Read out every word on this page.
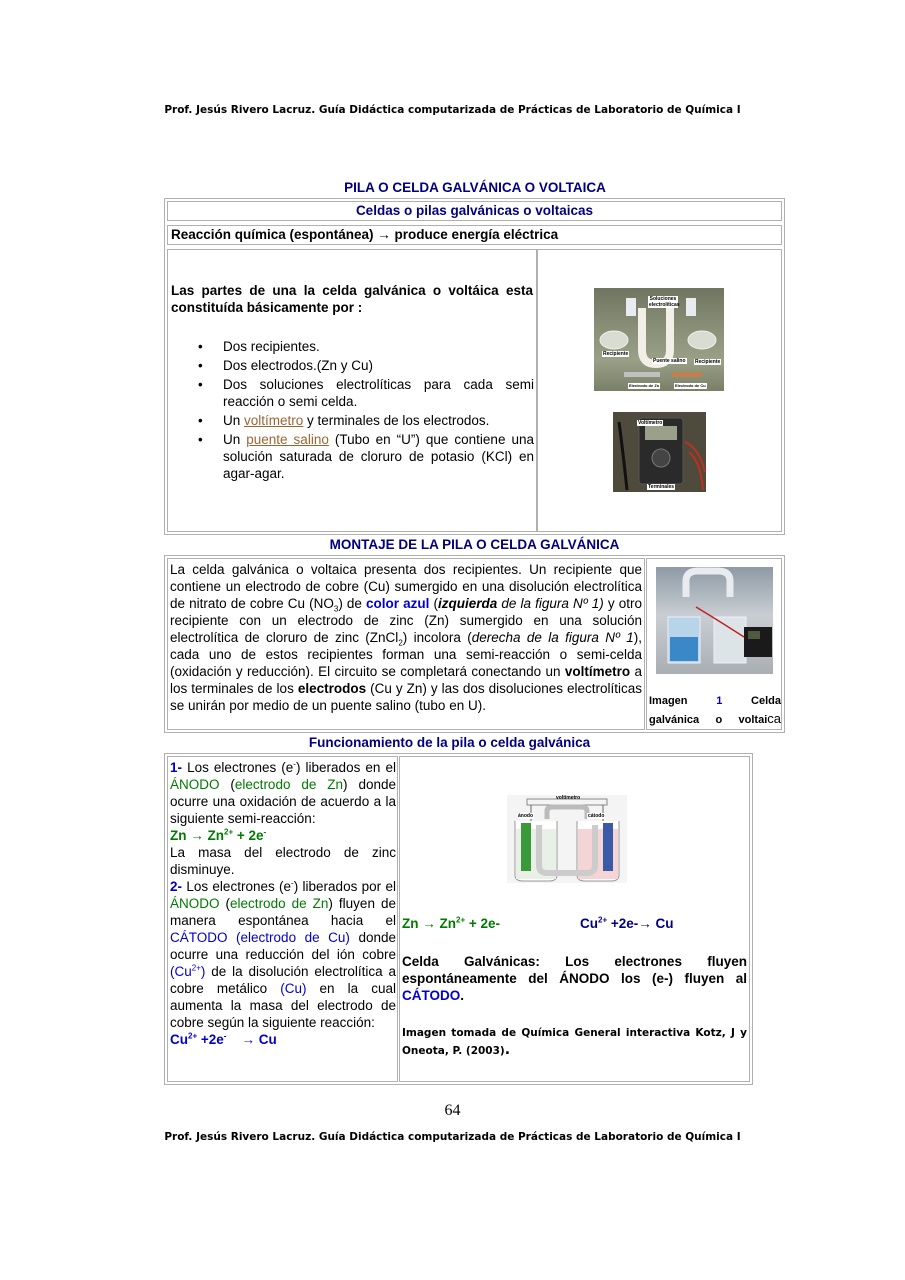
Prof. Jesús Rivero Lacruz. Guía Didáctica computarizada de Prácticas de Laboratorio de Química I
PILA O CELDA GALVÁNICA O VOLTAICA
Celdas o pilas galvánicas o voltaicas
Reacción química (espontánea) → produce energía eléctrica
Las partes de una la celda galvánica o voltáica esta constituída básicamente por :
• Dos recipientes.
• Dos electrodos.(Zn y Cu)
• Dos soluciones electrolíticas para cada semi reacción o semi celda.
• Un voltímetro y terminales de los electrodos.
• Un puente salino (Tubo en “U”) que contiene una solución saturada de cloruro de potasio (KCl) en agar-agar.
Soluciones electrolíticas
Recipiente
Recipiente
Puente salino
Electrodo de Zn	Electrodo de Cu
Voltímetro
Terminales
MONTAJE DE LA PILA O CELDA GALVÁNICA
La celda galvánica o voltaica presenta dos recipientes. Un recipiente que contiene un electrodo de cobre (Cu) sumergido en una disolución electrolítica de nitrato de cobre Cu $(NO_3)$ de color azul (izquierda de la figura Nº 1) y otro recipiente con un electrodo de zinc (Zn) sumergido en una solución electrolítica de cloruro de zinc (ZnCl$_2$) incolora (derecha de la figura Nº 1), cada uno de estos recipientes forman una semi-reacción o semi-celda (oxidación y reducción). El circuito se completará conectando un voltímetro a los terminales de los electrodos (Cu y Zn) y las dos disoluciones electrolíticas se unirán por medio de un puente salino (tubo en U).	Imagen	1	Celda galvánica o voltaica
Funcionamiento de la pila o celda galvánica
1- Los electrones (e-) liberados en el ÁNODO (electrodo de Zn) donde ocurre una oxidación de acuerdo a la siguiente semi-reacción:
$Zn \to Zn^{2+} + 2e^-$
La masa del electrodo de zinc disminuye.
2- Los electrones (e-) liberados por el ÁNODO (electrodo de Zn) fluyen de manera espontánea hacia el CÁTODO (electrodo de Cu) donde ocurre una reducción del ión cobre $(Cu^{2+})$ de la disolución electrolítica a cobre metálico (Cu) en la cual aumenta la masa del electrodo de cobre según la siguiente reacción:
$Cu^{2+} +2e^-$    → Cu
voltímetro
ánodo	cátodo
$Zn \to Zn^{2+} + 2e-$	$Cu^{2+} +2e-\to Cu$
Celda Galvánicas: Los electrones fluyen espontáneamente del ÁNODO los (e-) fluyen al CÁTODO.
Imagen tomada de Química General interactiva Kotz, J y Oneota, P. (2003).
64
Prof. Jesús Rivero Lacruz. Guía Didáctica computarizada de Prácticas de Laboratorio de Química I
